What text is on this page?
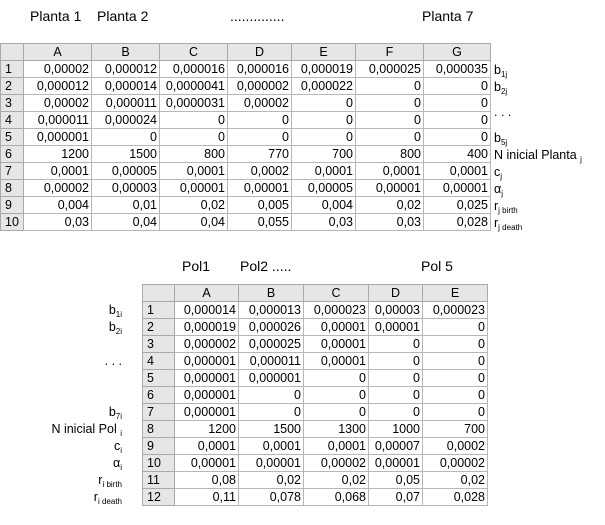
Planta 1 Planta 2	..............	Planta 7
	A	B	C	D	E	F	G
1	0,00002	0,000012	0,000016	0,000016	0,000019	0,000025	0,000035
2	0,000012	0,000014	0,0000041	0,000002	0,000022	0	0
3	0,00002	0,000011	0,0000031	0,00002	0	0	0
4	0,000011	0,000024	0	0	0	0	0
5	0,000001	0	0	0	0	0	0
6	1200	1500	800	770	700	800	400
7	0,0001	0,00005	0,0001	0,0002	0,0001	0,0001	0,0001
8	0,00002	0,00003	0,00001	0,00001	0,00005	0,00001	0,00001
9	0,004	0,01	0,02	0,005	0,004	0,02	0,025
10	0,03	0,04	0,04	0,055	0,03	0,03	0,028
$b_{1j}$
$b_{2j}$
. . .
$b_{5j}$
N inicial Planta $_j$
$c_j$
$\alpha_j$
$r_{j birth}$
$r_{j death}$
Pol1 Pol2 .....	Pol 5
	A	B	C	D	E
1	0,000014	0,000013	0,000023	0,00003	0,000023
2	0,000019	0,000026	0,00001	0,00001	0
3	0,000002	0,000025	0,00001	0	0
4	0,000001	0,000011	0,00001	0	0
5	0,000001	0,000001	0	0	0
6	0,000001	0	0	0	0
7	0,000001	0	0	0	0
8	1200	1500	1300	1000	700
9	0,0001	0,0001	0,0001	0,00007	0,0002
10	0,00001	0,00001	0,00002	0,00001	0,00002
11	0,08	0,02	0,02	0,05	0,02
12	0,11	0,078	0,068	0,07	0,028
$b_{1i}$
$b_{2i}$
. . .
$b_{7i}$
N inicial Pol $_i$
$c_i$
$\alpha_i$
$r_{i birth}$
$r_{i death}$
